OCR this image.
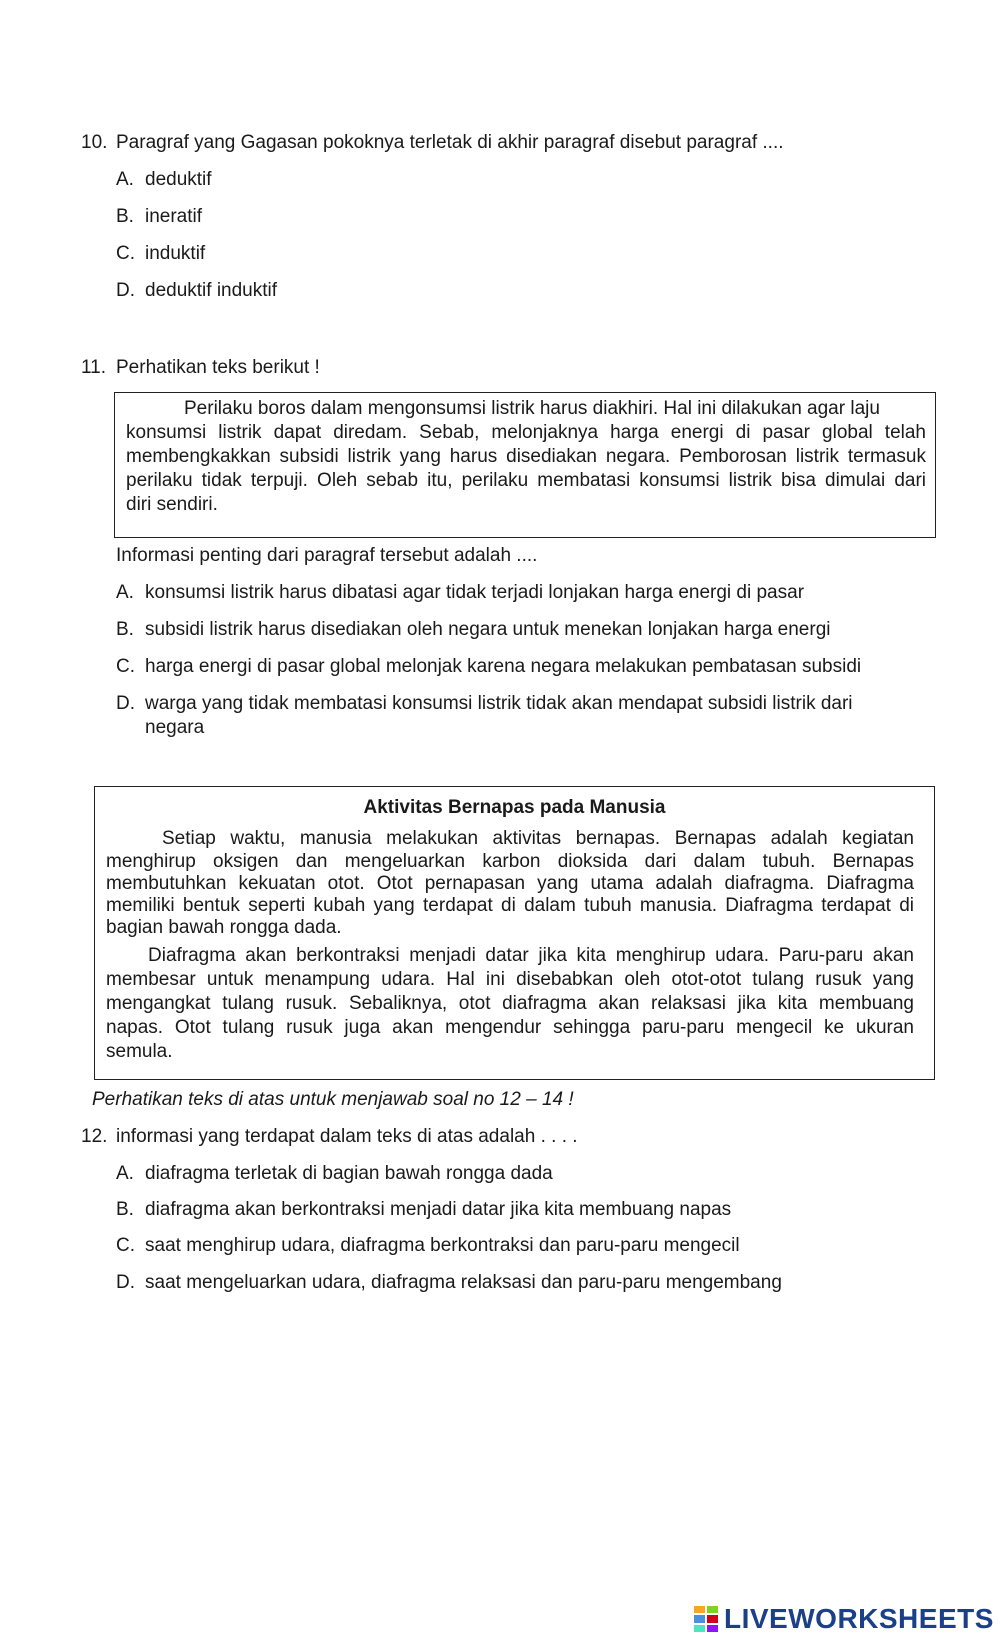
10. Paragraf yang Gagasan pokoknya terletak di akhir paragraf disebut paragraf ....
A. deduktif
B. ineratif
C. induktif
D. deduktif induktif
11. Perhatikan teks berikut !
Perilaku boros dalam mengonsumsi listrik harus diakhiri. Hal ini dilakukan agar laju
konsumsi listrik dapat diredam. Sebab, melonjaknya harga energi di pasar global telah
membengkakkan subsidi listrik yang harus disediakan negara. Pemborosan listrik termasuk
perilaku tidak terpuji. Oleh sebab itu, perilaku membatasi konsumsi listrik bisa dimulai dari
diri sendiri.
Informasi penting dari paragraf tersebut adalah ....
A. konsumsi listrik harus dibatasi agar tidak terjadi lonjakan harga energi di pasar
B. subsidi listrik harus disediakan oleh negara untuk menekan lonjakan harga energi
C. harga energi di pasar global melonjak karena negara melakukan pembatasan subsidi
D. warga yang tidak membatasi konsumsi listrik tidak akan mendapat subsidi listrik dari
negara
Aktivitas Bernapas pada Manusia
Setiap waktu, manusia melakukan aktivitas bernapas. Bernapas adalah kegiatan
menghirup oksigen dan mengeluarkan karbon dioksida dari dalam tubuh. Bernapas
membutuhkan kekuatan otot. Otot pernapasan yang utama adalah diafragma. Diafragma
memiliki bentuk seperti kubah yang terdapat di dalam tubuh manusia. Diafragma terdapat di
bagian bawah rongga dada.
Diafragma akan berkontraksi menjadi datar jika kita menghirup udara. Paru-paru akan
membesar untuk menampung udara. Hal ini disebabkan oleh otot-otot tulang rusuk yang
mengangkat tulang rusuk. Sebaliknya, otot diafragma akan relaksasi jika kita membuang
napas. Otot tulang rusuk juga akan mengendur sehingga paru-paru mengecil ke ukuran
semula.
Perhatikan teks di atas untuk menjawab soal no 12 – 14 !
12. informasi yang terdapat dalam teks di atas adalah . . . .
A. diafragma terletak di bagian bawah rongga dada
B. diafragma akan berkontraksi menjadi datar jika kita membuang napas
C. saat menghirup udara, diafragma berkontraksi dan paru-paru mengecil
D. saat mengeluarkan udara, diafragma relaksasi dan paru-paru mengembang
LIVEWORKSHEETS
